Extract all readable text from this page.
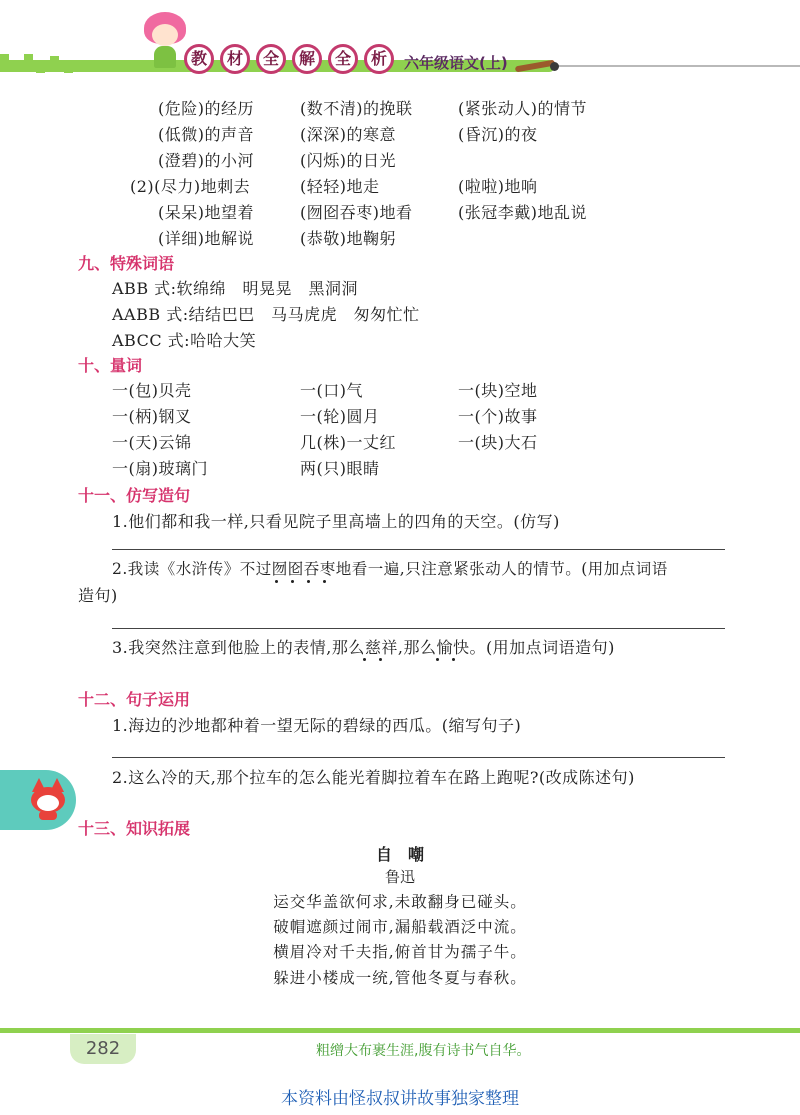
教	材	全	解	全	析	六年级语文(上)
(危险)的经历	(数不清)的挽联	(紧张动人)的情节
(低微)的声音	(深深)的寒意	(昏沉)的夜
(澄碧)的小河	(闪烁)的日光
(2)(尽力)地刺去	(轻轻)地走	(啦啦)地响
(呆呆)地望着	(囫囵吞枣)地看	(张冠李戴)地乱说
(详细)地解说	(恭敬)地鞠躬
九、特殊词语
ABB 式:软绵绵　明晃晃　黑洞洞
AABB 式:结结巴巴　马马虎虎　匆匆忙忙
ABCC 式:哈哈大笑
十、量词
一(包)贝壳	一(口)气	一(块)空地
一(柄)钢叉	一(轮)圆月	一(个)故事
一(天)云锦	几(株)一丈红	一(块)大石
一(扇)玻璃门	两(只)眼睛
十一、仿写造句
1.他们都和我一样,只看见院子里高墙上的四角的天空。(仿写)
2.我读《水浒传》不过囫囵吞枣地看一遍,只注意紧张动人的情节。(用加点词语
造句)
3.我突然注意到他脸上的表情,那么慈祥,那么愉快。(用加点词语造句)
十二、句子运用
1.海边的沙地都种着一望无际的碧绿的西瓜。(缩写句子)
2.这么冷的天,那个拉车的怎么能光着脚拉着车在路上跑呢?(改成陈述句)
十三、知识拓展
自　嘲
鲁迅
运交华盖欲何求,未敢翻身已碰头。
破帽遮颜过闹市,漏船载酒泛中流。
横眉冷对千夫指,俯首甘为孺子牛。
躲进小楼成一统,管他冬夏与春秋。
282	粗缯大布裹生涯,腹有诗书气自华。
本资料由怪叔叔讲故事独家整理
